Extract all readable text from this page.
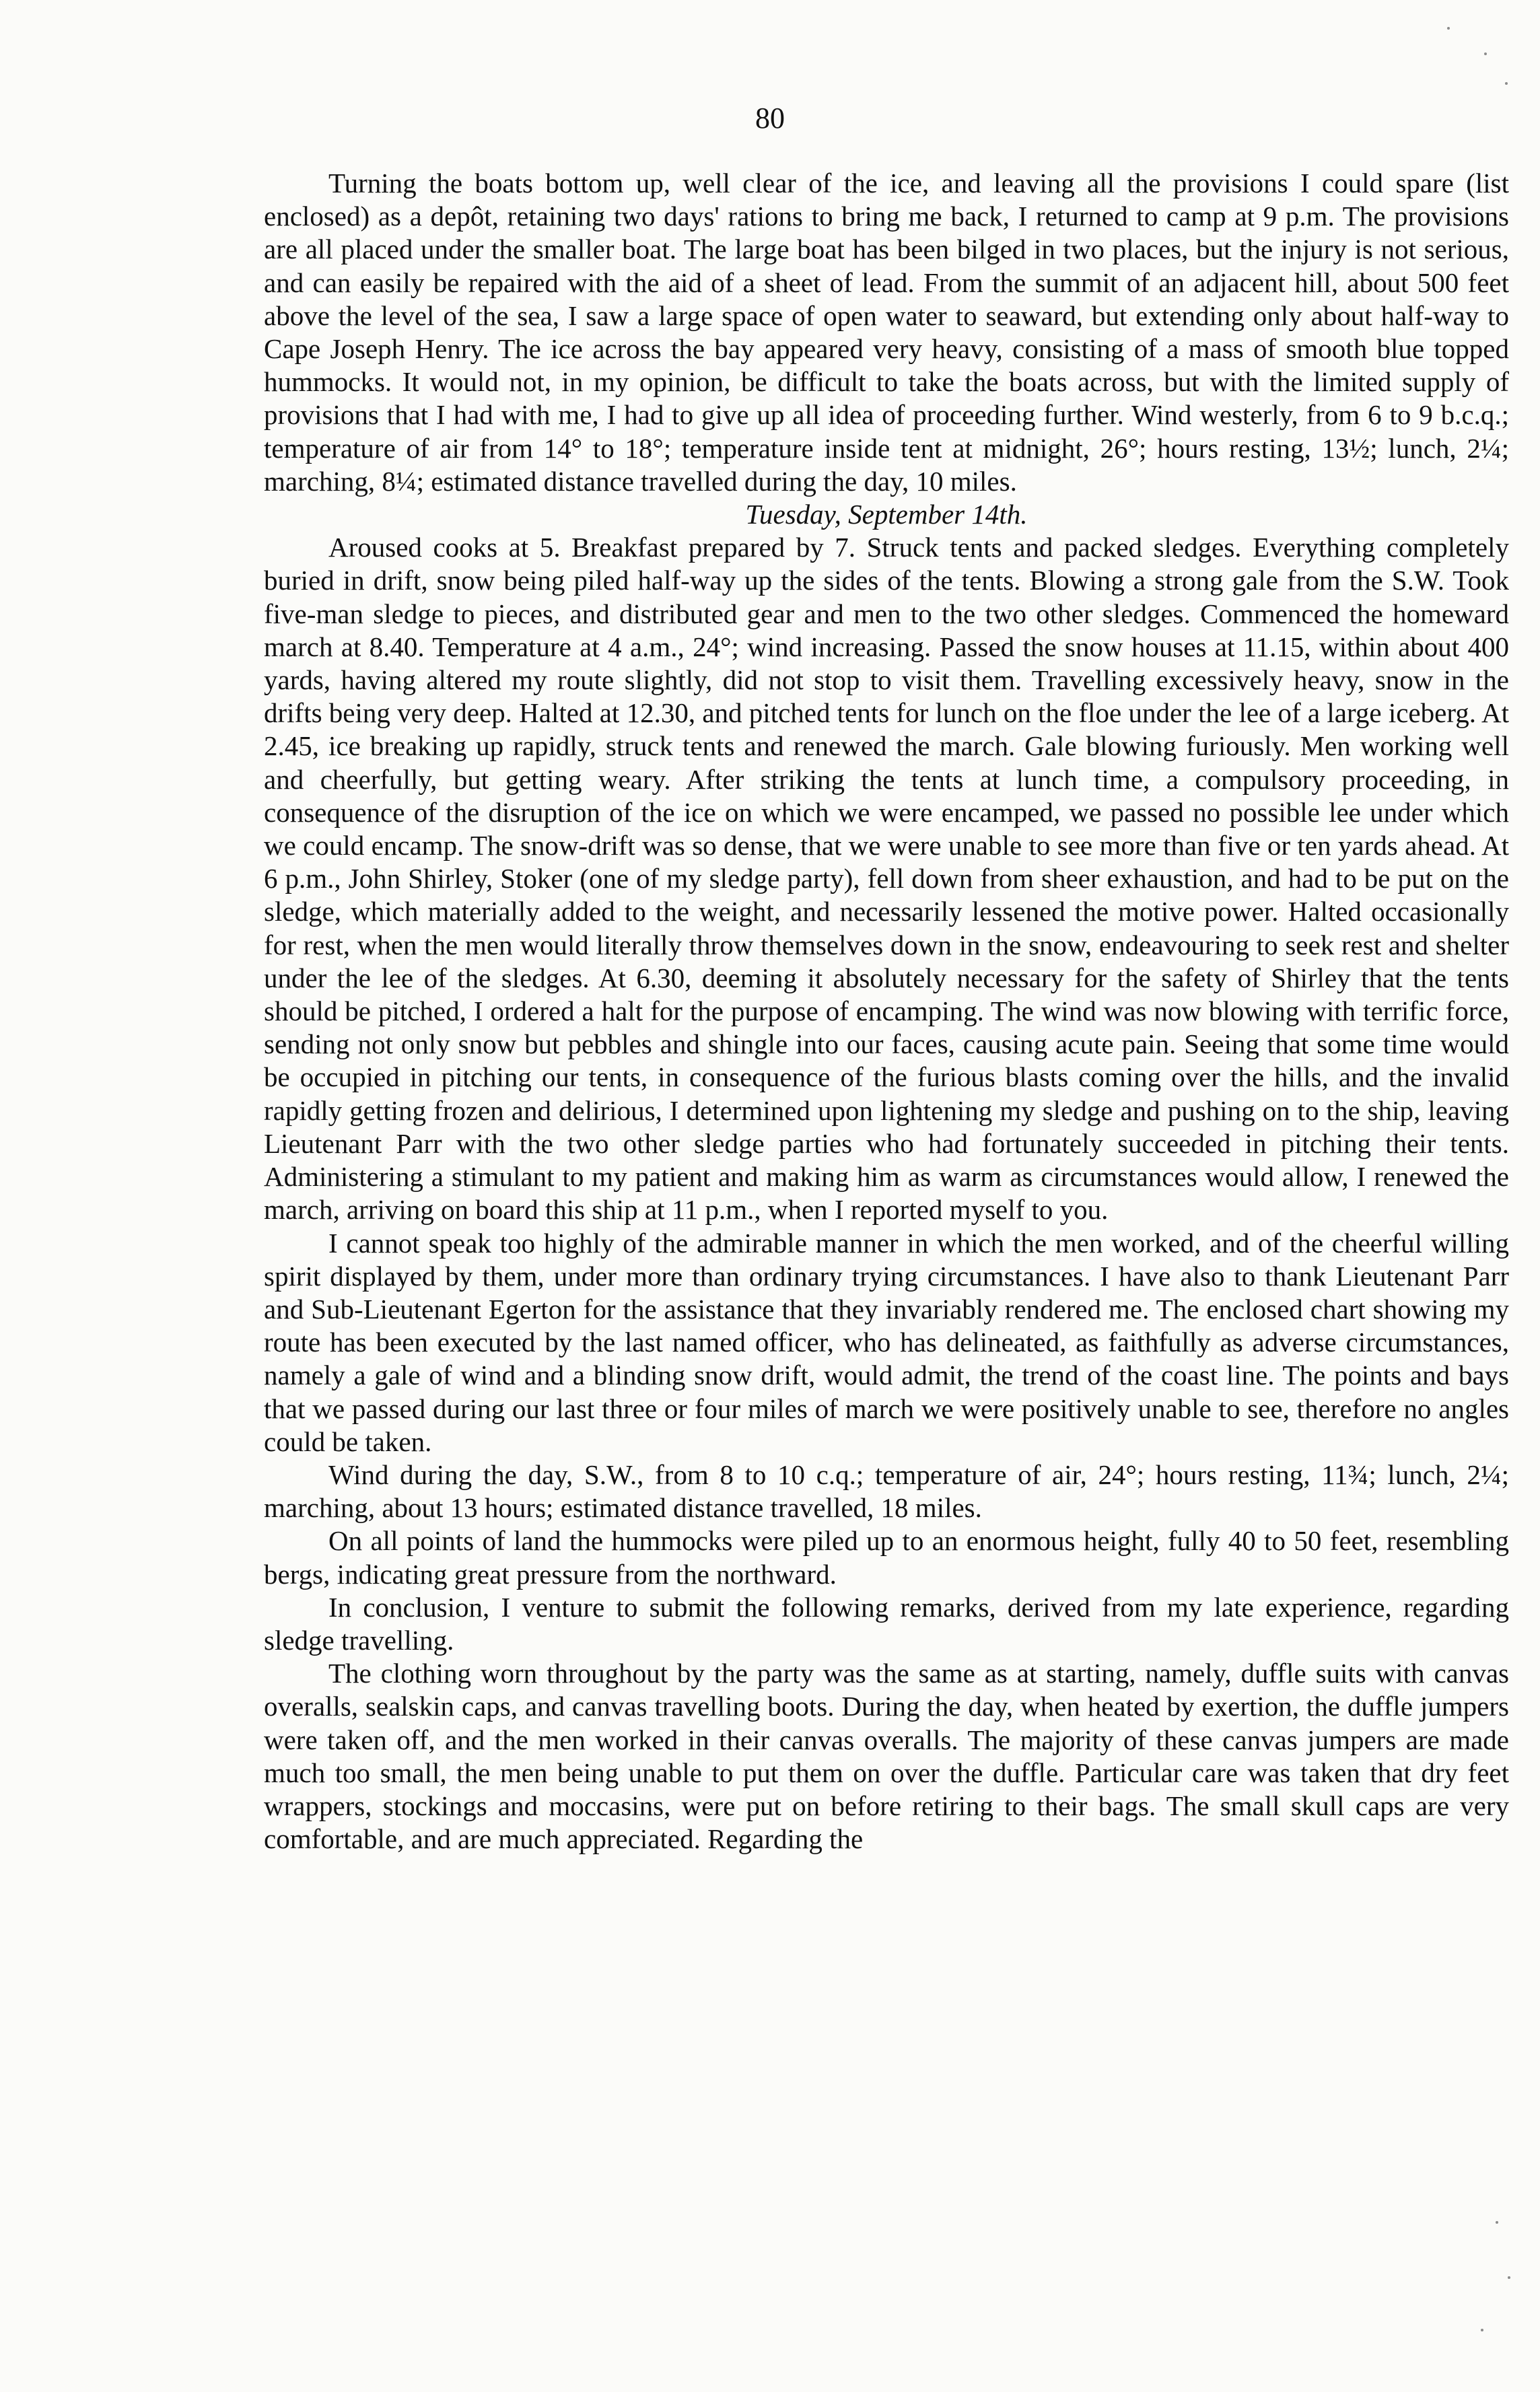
80

Turning the boats bottom up, well clear of the ice, and leaving all the provisions I could spare (list enclosed) as a depôt, retaining two days' rations to bring me back, I returned to camp at 9 p.m. The provisions are all placed under the smaller boat. The large boat has been bilged in two places, but the injury is not serious, and can easily be repaired with the aid of a sheet of lead. From the summit of an adjacent hill, about 500 feet above the level of the sea, I saw a large space of open water to seaward, but extending only about half-way to Cape Joseph Henry. The ice across the bay appeared very heavy, consisting of a mass of smooth blue topped hummocks. It would not, in my opinion, be difficult to take the boats across, but with the limited supply of provisions that I had with me, I had to give up all idea of proceeding further. Wind westerly, from 6 to 9 b.c.q.; temperature of air from 14° to 18°; temperature inside tent at midnight, 26°; hours resting, 13½; lunch, 2¼; marching, 8¼; estimated distance travelled during the day, 10 miles.

Tuesday, September 14th.

Aroused cooks at 5. Breakfast prepared by 7. Struck tents and packed sledges. Everything completely buried in drift, snow being piled half-way up the sides of the tents. Blowing a strong gale from the S.W. Took five-man sledge to pieces, and distributed gear and men to the two other sledges. Commenced the homeward march at 8.40. Temperature at 4 a.m., 24°; wind increasing. Passed the snow houses at 11.15, within about 400 yards, having altered my route slightly, did not stop to visit them. Travelling excessively heavy, snow in the drifts being very deep. Halted at 12.30, and pitched tents for lunch on the floe under the lee of a large iceberg. At 2.45, ice breaking up rapidly, struck tents and renewed the march. Gale blowing furiously. Men working well and cheerfully, but getting weary. After striking the tents at lunch time, a compulsory proceeding, in consequence of the disruption of the ice on which we were encamped, we passed no possible lee under which we could encamp. The snow-drift was so dense, that we were unable to see more than five or ten yards ahead. At 6 p.m., John Shirley, Stoker (one of my sledge party), fell down from sheer exhaustion, and had to be put on the sledge, which materially added to the weight, and necessarily lessened the motive power. Halted occasionally for rest, when the men would literally throw themselves down in the snow, endeavouring to seek rest and shelter under the lee of the sledges. At 6.30, deeming it absolutely necessary for the safety of Shirley that the tents should be pitched, I ordered a halt for the purpose of encamping. The wind was now blowing with terrific force, sending not only snow but pebbles and shingle into our faces, causing acute pain. Seeing that some time would be occupied in pitching our tents, in consequence of the furious blasts coming over the hills, and the invalid rapidly getting frozen and delirious, I determined upon lightening my sledge and pushing on to the ship, leaving Lieutenant Parr with the two other sledge parties who had fortunately succeeded in pitching their tents. Administering a stimulant to my patient and making him as warm as circumstances would allow, I renewed the march, arriving on board this ship at 11 p.m., when I reported myself to you.

I cannot speak too highly of the admirable manner in which the men worked, and of the cheerful willing spirit displayed by them, under more than ordinary trying circumstances. I have also to thank Lieutenant Parr and Sub-Lieutenant Egerton for the assistance that they invariably rendered me. The enclosed chart showing my route has been executed by the last named officer, who has delineated, as faithfully as adverse circumstances, namely a gale of wind and a blinding snow drift, would admit, the trend of the coast line. The points and bays that we passed during our last three or four miles of march we were positively unable to see, therefore no angles could be taken.

Wind during the day, S.W., from 8 to 10 c.q.; temperature of air, 24°; hours resting, 11¾; lunch, 2¼; marching, about 13 hours; estimated distance travelled, 18 miles.

On all points of land the hummocks were piled up to an enormous height, fully 40 to 50 feet, resembling bergs, indicating great pressure from the northward.

In conclusion, I venture to submit the following remarks, derived from my late experience, regarding sledge travelling.

The clothing worn throughout by the party was the same as at starting, namely, duffle suits with canvas overalls, sealskin caps, and canvas travelling boots. During the day, when heated by exertion, the duffle jumpers were taken off, and the men worked in their canvas overalls. The majority of these canvas jumpers are made much too small, the men being unable to put them on over the duffle. Particular care was taken that dry feet wrappers, stockings and moccasins, were put on before retiring to their bags. The small skull caps are very comfortable, and are much appreciated. Regarding the
